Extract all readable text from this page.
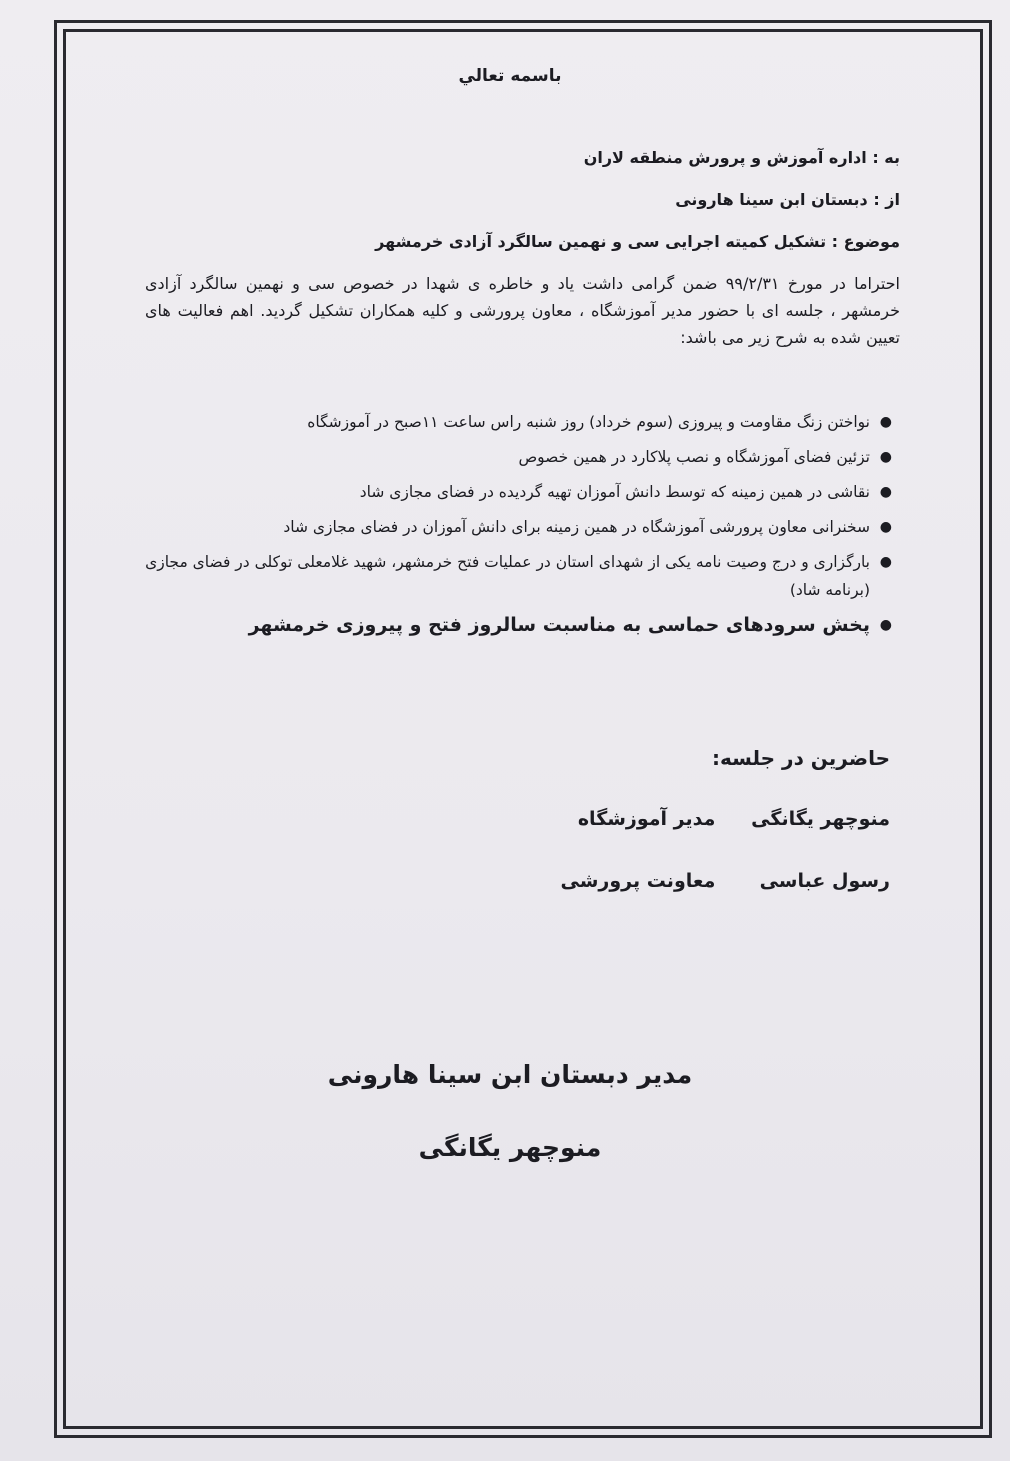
باسمه تعالي
به : اداره آموزش و پرورش منطقه لاران
از : دبستان ابن سينا هارونی
موضوع : تشکیل کمیته اجرایی سی و نهمین سالگرد آزادی خرمشهر
احتراما در مورخ ۹۹/۲/۳۱ ضمن گرامی داشت یاد و خاطره ی شهدا در خصوص سی و نهمین سالگرد آزادی خرمشهر ، جلسه ای با حضور مدیر آموزشگاه ، معاون پرورشی و کلیه همکاران تشکیل گردید. اهم فعالیت های تعیین شده به شرح زیر می باشد:
●
نواختن زنگ مقاومت و پیروزی (سوم خرداد) روز شنبه راس ساعت ۱۱صبح در آموزشگاه
●
تزئین فضای آموزشگاه و نصب پلاکارد در همین خصوص
●
نقاشی در همین زمینه که توسط دانش آموزان تهیه گردیده در فضای مجازی شاد
●
سخنرانی معاون پرورشی آموزشگاه در همین زمینه برای دانش آموزان در فضای مجازی شاد
●
بارگزاری و درج وصیت نامه یکی از شهدای استان در عملیات فتح خرمشهر، شهید غلامعلی توکلی در فضای مجازی (برنامه شاد)
●
پخش سرودهای حماسی به مناسبت سالروز فتح و پیروزی خرمشهر
حاضرین در جلسه:
منوچهر يگانگی مدير آموزشگاه
رسول عباسی معاونت پرورشی
مدير دبستان ابن سينا هارونی
منوچهر يگانگی
